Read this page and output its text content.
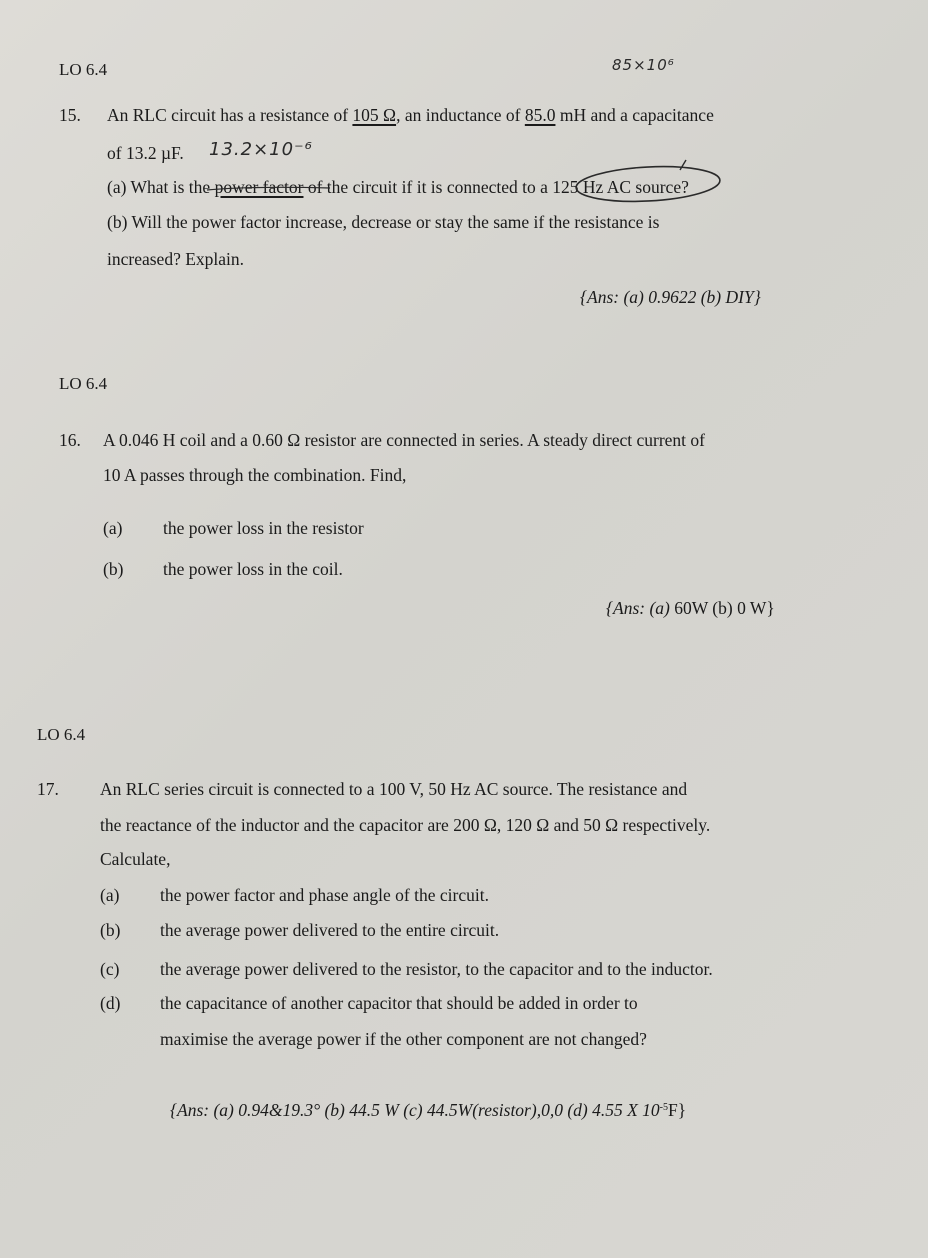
LO 6.4	85×10⁶
15. An RLC circuit has a resistance of 105 Ω, an inductance of 85.0 mH and a capacitance
of 13.2 µF. 13.2×10⁻⁶
(a) What is the power factor of the circuit if it is connected to a 125 Hz AC source?
(b) Will the power factor increase, decrease or stay the same if the resistance is
increased? Explain.
{Ans: (a) 0.9622 (b) DIY}
LO 6.4
16. A 0.046 H coil and a 0.60 Ω resistor are connected in series. A steady direct current of
10 A passes through the combination. Find,
(a) the power loss in the resistor
(b) the power loss in the coil.
{Ans: (a) 60W (b) 0 W}
LO 6.4
17. An RLC series circuit is connected to a 100 V, 50 Hz AC source. The resistance and
the reactance of the inductor and the capacitor are 200 Ω, 120 Ω and 50 Ω respectively.
Calculate,
(a) the power factor and phase angle of the circuit.
(b) the average power delivered to the entire circuit.
(c) the average power delivered to the resistor, to the capacitor and to the inductor.
(d) the capacitance of another capacitor that should be added in order to
maximise the average power if the other component are not changed?
{Ans: (a) 0.94&19.3° (b) 44.5 W (c) 44.5W(resistor),0,0 (d) 4.55 X $10^{-5}F$}
